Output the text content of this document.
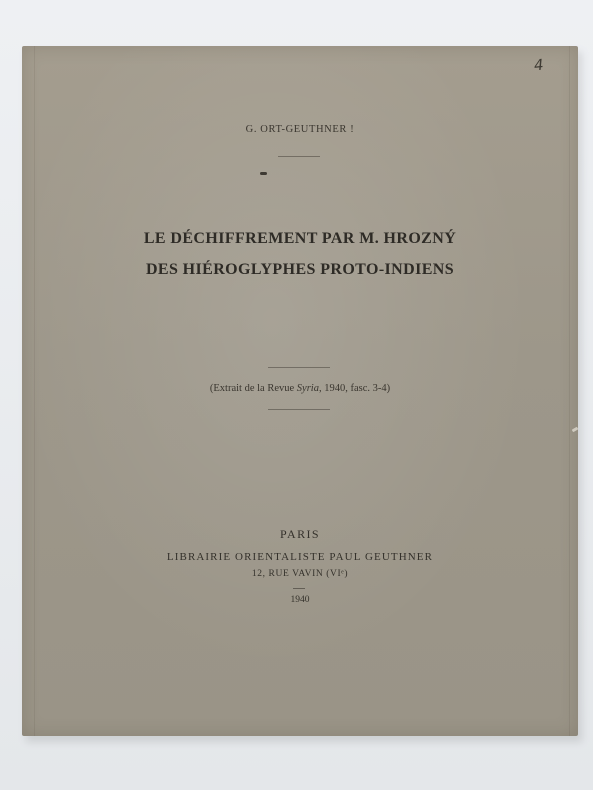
4
G. ORT-GEUTHNER !
LE DÉCHIFFREMENT PAR M. HROZNÝ
DES HIÉROGLYPHES PROTO-INDIENS
(Extrait de la Revue Syria, 1940, fasc. 3-4)
PARIS
LIBRAIRIE ORIENTALISTE PAUL GEUTHNER
12, RUE VAVIN (VIᵉ)
1940
